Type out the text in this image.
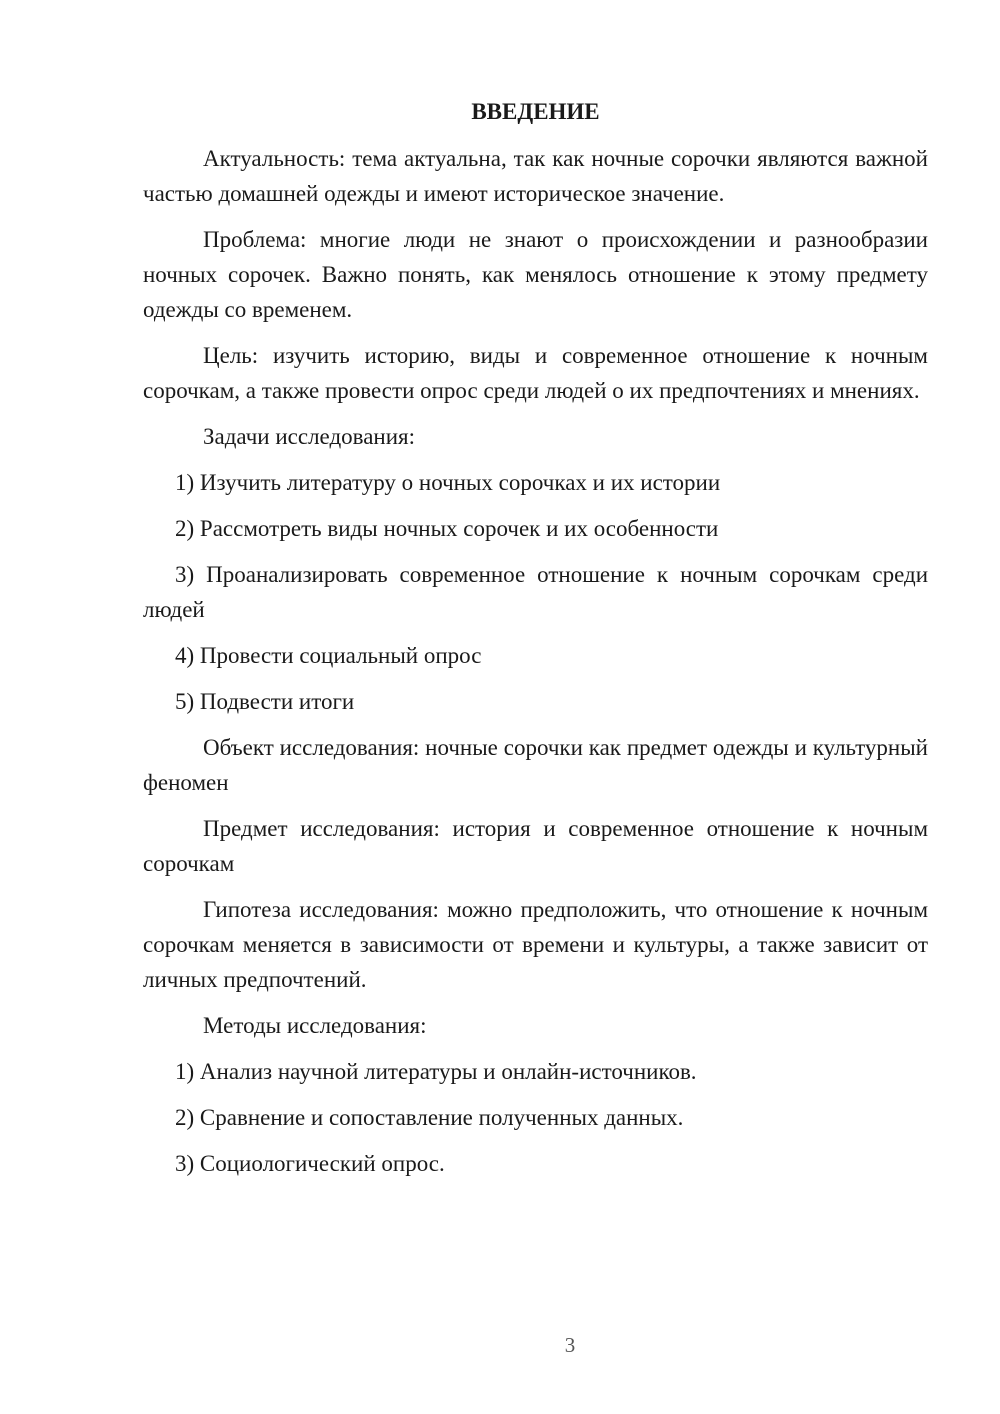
ВВЕДЕНИЕ

Актуальность: тема актуальна, так как ночные сорочки являются важной частью домашней одежды и имеют историческое значение.

Проблема: многие люди не знают о происхождении и разнообразии ночных сорочек. Важно понять, как менялось отношение к этому предмету одежды со временем.

Цель: изучить историю, виды и современное отношение к ночным сорочкам, а также провести опрос среди людей о их предпочтениях и мнениях.

Задачи исследования:

1) Изучить литературу о ночных сорочках и их истории

2) Рассмотреть виды ночных сорочек и их особенности

3) Проанализировать современное отношение к ночным сорочкам среди людей

4) Провести социальный опрос

5) Подвести итоги

Объект исследования: ночные сорочки как предмет одежды и культурный феномен

Предмет исследования: история и современное отношение к ночным сорочкам

Гипотеза исследования: можно предположить, что отношение к ночным сорочкам меняется в зависимости от времени и культуры, а также зависит от личных предпочтений.

Методы исследования:

1) Анализ научной литературы и онлайн-источников.

2) Сравнение и сопоставление полученных данных.

3) Социологический опрос.

3
